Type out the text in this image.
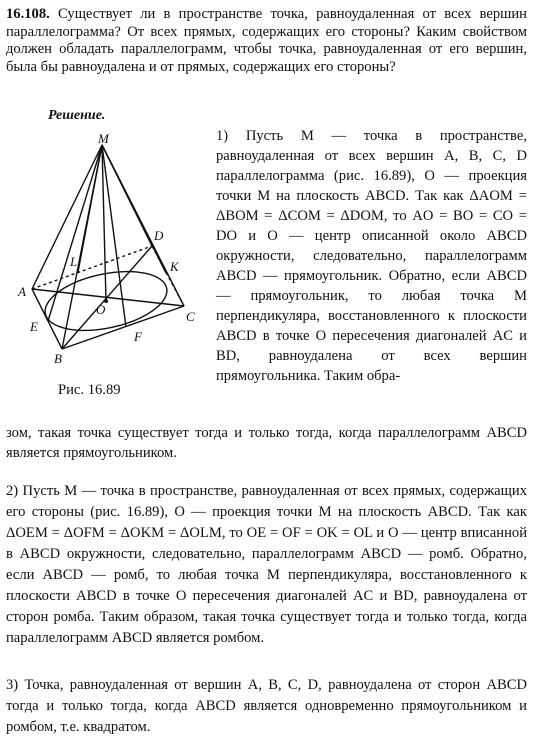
16.108. Существует ли в пространстве точка, равноудаленная от всех вершин параллелограмма? От всех прямых, содержащих его стороны? Каким свойством должен обладать параллелограмм, чтобы точка, равноудаленная от его вершин, была бы равноудалена и от прямых, содержащих его стороны?
Решение.
M
D
L	K
A
O
E
C
F
B
Рис. 16.89
1) Пусть M — точка в пространстве, равноудаленная от всех вершин A, B, C, D параллелограмма (рис. 16.89), O — проекция точки M на плоскость ABCD. Так как ΔAOM = ΔBOM = ΔCOM = ΔDOM, то AO = BO = CO = DO и O — центр описанной около ABCD окружности, следовательно, параллелограмм ABCD — прямоугольник. Обратно, если ABCD — прямоугольник, то любая точка M перпендикуляра, восстановленного к плоскости ABCD в точке O пересечения диагоналей AC и BD, равноудалена от всех вершин прямоугольника. Таким обра-
зом, такая точка существует тогда и только тогда, когда параллелограмм ABCD является прямоугольником.
2) Пусть M — точка в пространстве, равноудаленная от всех прямых, содержащих его стороны (рис. 16.89), O — проекция точки M на плоскость ABCD. Так как ΔOEM = ΔOFM = ΔOKM = ΔOLM, то OE = OF = OK = OL и O — центр вписанной в ABCD окружности, следовательно, параллелограмм ABCD — ромб. Обратно, если ABCD — ромб, то любая точка M перпендикуляра, восстановленного к плоскости ABCD в точке O пересечения диагоналей AC и BD, равноудалена от сторон ромба. Таким образом, такая точка существует тогда и только тогда, когда параллелограмм ABCD является ромбом.
3) Точка, равноудаленная от вершин A, B, C, D, равноудалена от сторон ABCD тогда и только тогда, когда ABCD является одновременно прямоугольником и ромбом, т.е. квадратом.
